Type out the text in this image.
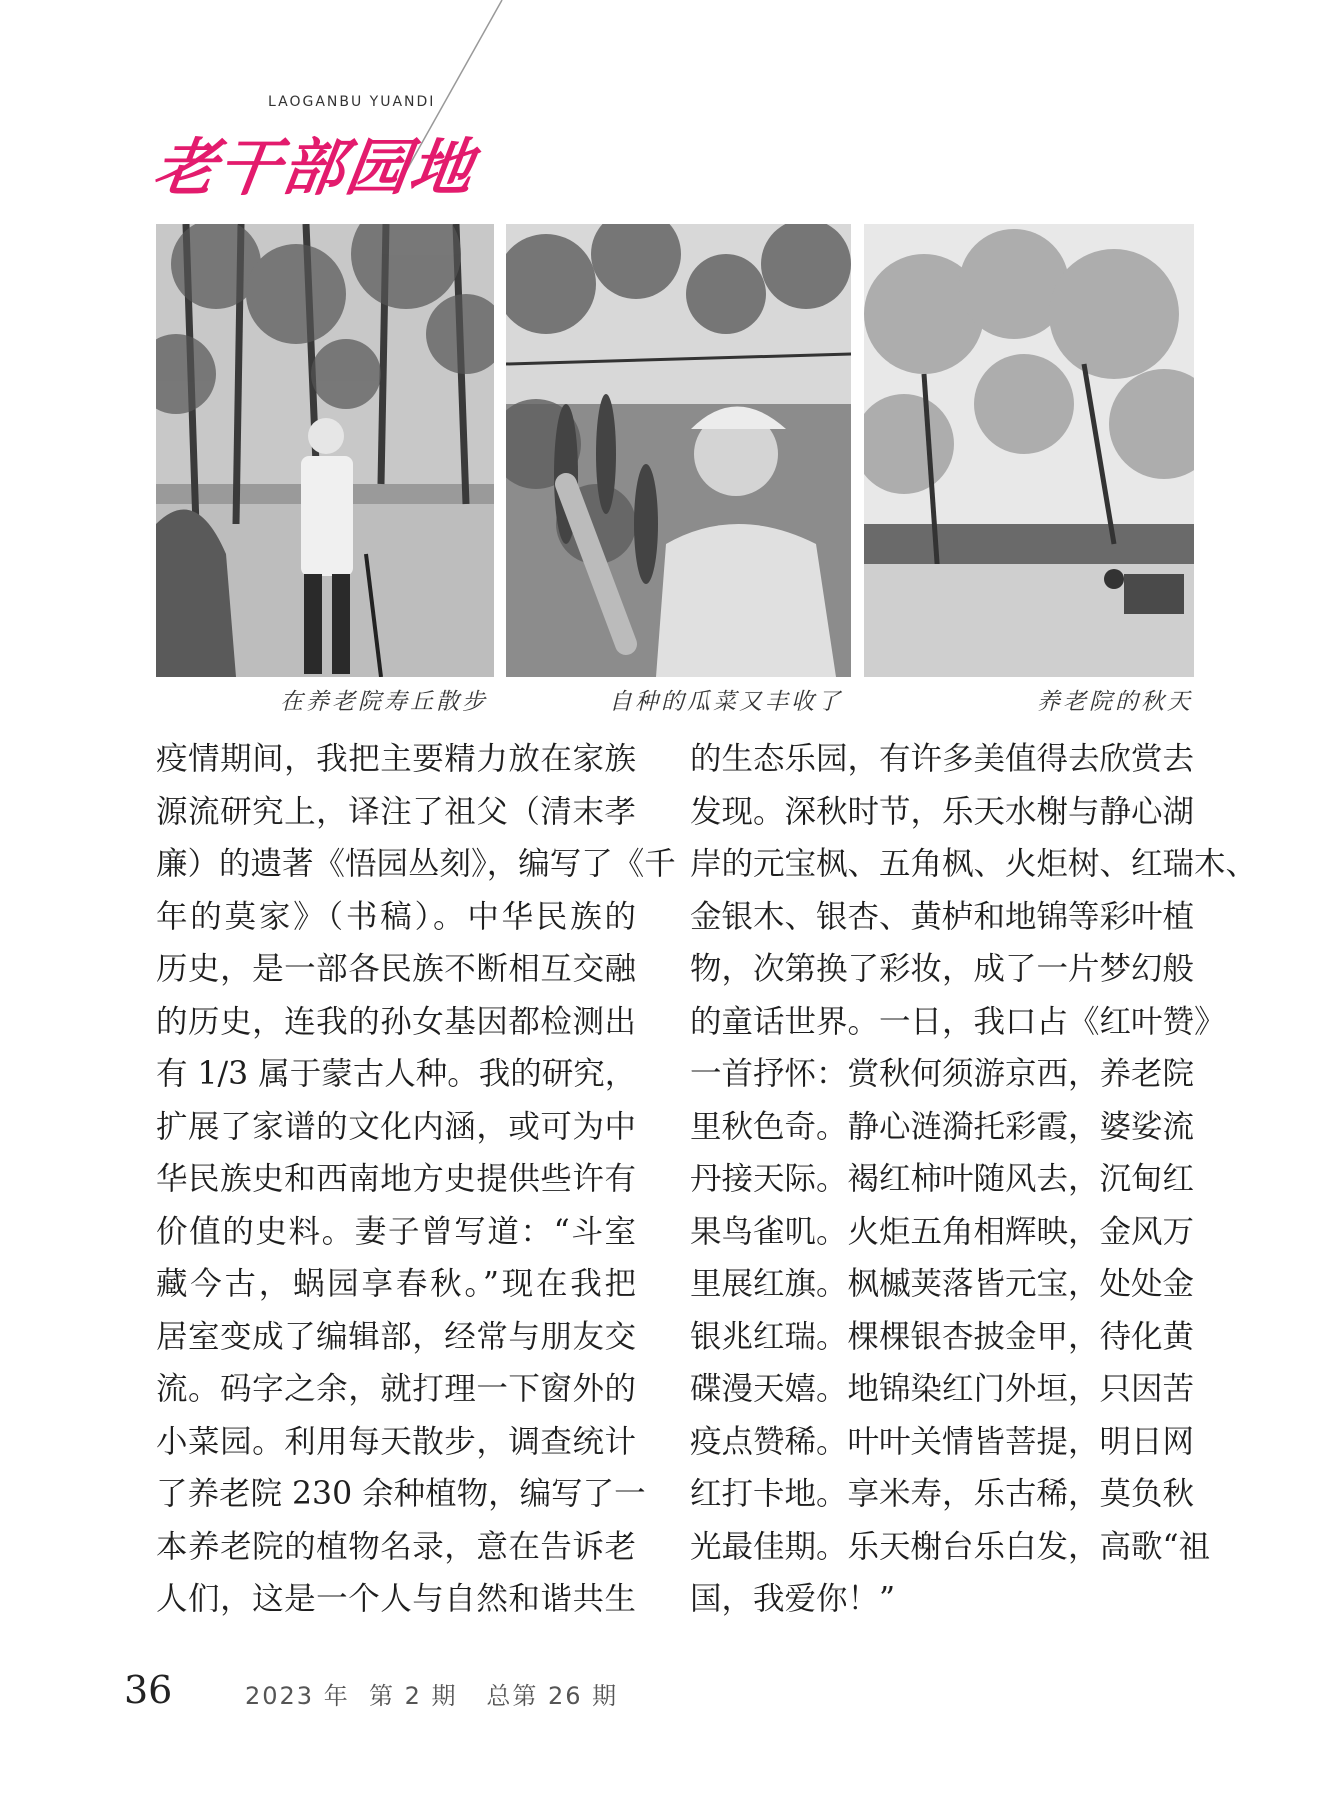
LAOGANBU YUANDI
老干部园地
在养老院寿丘散步	自种的瓜菜又丰收了	养老院的秋天
疫情期间，我把主要精力放在家族
源流研究上，译注了祖父（清末孝
廉）的遗著《悟园丛刻》，编写了《千
年的莫家》（书稿）。中华民族的
历史，是一部各民族不断相互交融
的历史，连我的孙女基因都检测出
有 1/3 属于蒙古人种。我的研究，
扩展了家谱的文化内涵，或可为中
华民族史和西南地方史提供些许有
价值的史料。妻子曾写道：“斗室
藏今古，蜗园享春秋。”现在我把
居室变成了编辑部，经常与朋友交
流。码字之余，就打理一下窗外的
小菜园。利用每天散步，调查统计
了养老院 230 余种植物，编写了一
本养老院的植物名录，意在告诉老
人们，这是一个人与自然和谐共生
的生态乐园，有许多美值得去欣赏去
发现。深秋时节，乐天水榭与静心湖
岸的元宝枫、五角枫、火炬树、红瑞木、
金银木、银杏、黄栌和地锦等彩叶植
物，次第换了彩妆，成了一片梦幻般
的童话世界。一日，我口占《红叶赞》
一首抒怀：赏秋何须游京西，养老院
里秋色奇。静心涟漪托彩霞，婆娑流
丹接天际。褐红柿叶随风去，沉甸红
果鸟雀叽。火炬五角相辉映，金风万
里展红旗。枫槭荚落皆元宝，处处金
银兆红瑞。棵棵银杏披金甲，待化黄
碟漫天嬉。地锦染红门外垣，只因苦
疫点赞稀。叶叶关情皆菩提，明日网
红打卡地。享米寿，乐古稀，莫负秋
光最佳期。乐天榭台乐白发，高歌“祖
国，我爱你！”
36	2023 年  第 2 期   总第 26 期
